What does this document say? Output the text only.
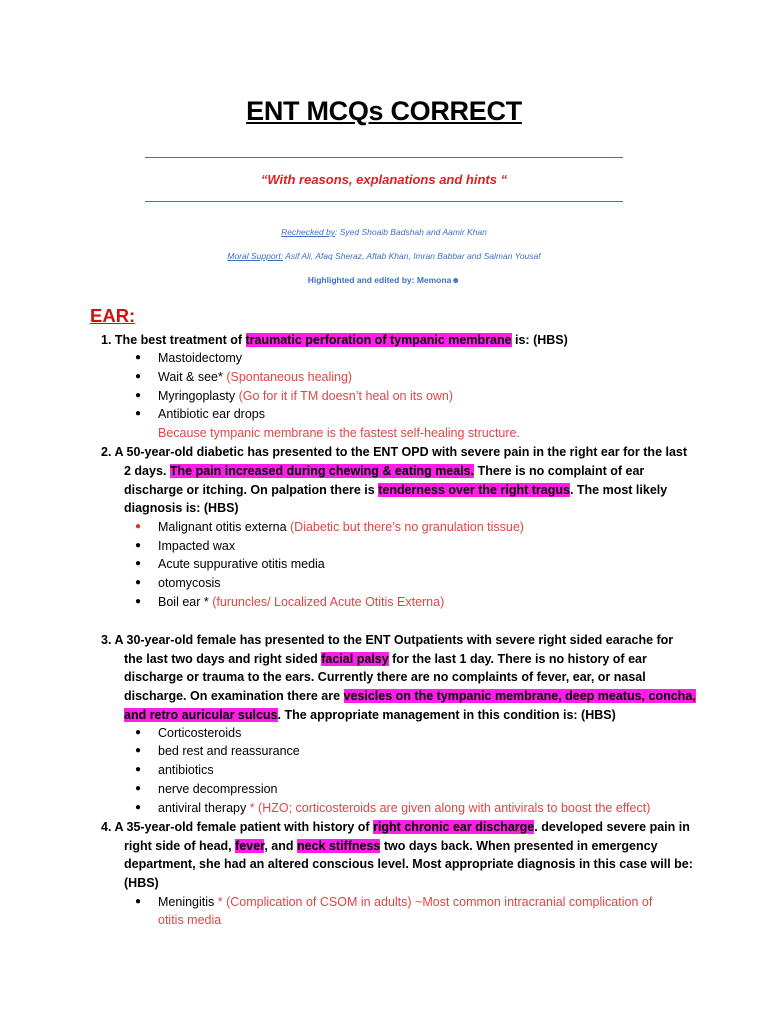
ENT MCQs CORRECT
“With reasons, explanations and hints “
Rechecked by: Syed Shoaib Badshah and Aamir Khan
Moral Support: Asif Ali, Afaq Sheraz, Aftab Khan, Imran Babbar and Salman Yousaf
Highlighted and edited by: Memona☻
EAR:
1. The best treatment of traumatic perforation of tympanic membrane is: (HBS)
● Mastoidectomy
● Wait & see* (Spontaneous healing)
● Myringoplasty (Go for it if TM doesn’t heal on its own)
● Antibiotic ear drops
Because tympanic membrane is the fastest self-healing structure.
2. A 50-year-old diabetic has presented to the ENT OPD with severe pain in the right ear for the last
2 days. The pain increased during chewing & eating meals. There is no complaint of ear
discharge or itching. On palpation there is tenderness over the right tragus. The most likely
diagnosis is: (HBS)
● Malignant otitis externa (Diabetic but there’s no granulation tissue)
● Impacted wax
● Acute suppurative otitis media
● otomycosis
● Boil ear * (furuncles/ Localized Acute Otitis Externa)
3. A 30-year-old female has presented to the ENT Outpatients with severe right sided earache for
the last two days and right sided facial palsy for the last 1 day. There is no history of ear
discharge or trauma to the ears. Currently there are no complaints of fever, ear, or nasal
discharge. On examination there are vesicles on the tympanic membrane, deep meatus, concha,
and retro auricular sulcus. The appropriate management in this condition is: (HBS)
● Corticosteroids
● bed rest and reassurance
● antibiotics
● nerve decompression
● antiviral therapy * (HZO; corticosteroids are given along with antivirals to boost the effect)
4. A 35-year-old female patient with history of right chronic ear discharge. developed severe pain in
right side of head, fever, and neck stiffness two days back. When presented in emergency
department, she had an altered conscious level. Most appropriate diagnosis in this case will be:
(HBS)
● Meningitis * (Complication of CSOM in adults) ~Most common intracranial complication of
otitis media
